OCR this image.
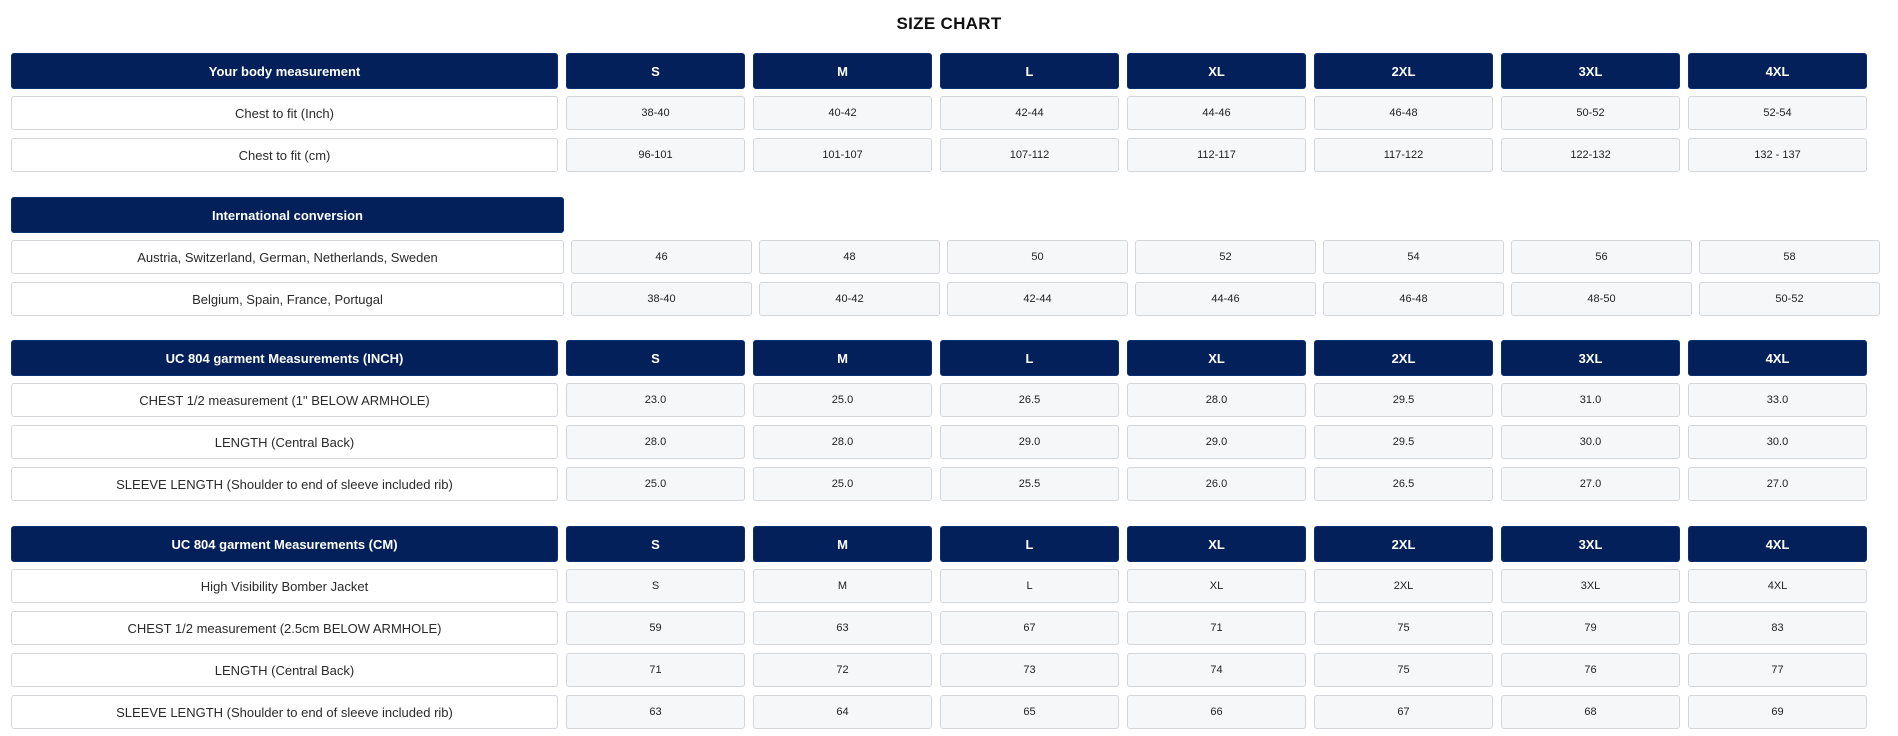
SIZE CHART
Your body measurement	S	M	L	XL	2XL	3XL	4XL
Chest to fit (Inch)	38-40	40-42	42-44	44-46	46-48	50-52	52-54
Chest to fit (cm)	96-101	101-107	107-112	112-117	117-122	122-132	132 - 137
International conversion
Austria, Switzerland, German, Netherlands, Sweden	46	48	50	52	54	56	58
Belgium, Spain, France, Portugal	38-40	40-42	42-44	44-46	46-48	48-50	50-52
UC 804 garment Measurements (INCH)	S	M	L	XL	2XL	3XL	4XL
CHEST 1/2 measurement (1" BELOW ARMHOLE)	23.0	25.0	26.5	28.0	29.5	31.0	33.0
LENGTH (Central Back)	28.0	28.0	29.0	29.0	29.5	30.0	30.0
SLEEVE LENGTH (Shoulder to end of sleeve included rib)	25.0	25.0	25.5	26.0	26.5	27.0	27.0
UC 804 garment Measurements (CM)	S	M	L	XL	2XL	3XL	4XL
High Visibility Bomber Jacket	S	M	L	XL	2XL	3XL	4XL
CHEST 1/2 measurement (2.5cm BELOW ARMHOLE)	59	63	67	71	75	79	83
LENGTH (Central Back)	71	72	73	74	75	76	77
SLEEVE LENGTH (Shoulder to end of sleeve included rib)	63	64	65	66	67	68	69
